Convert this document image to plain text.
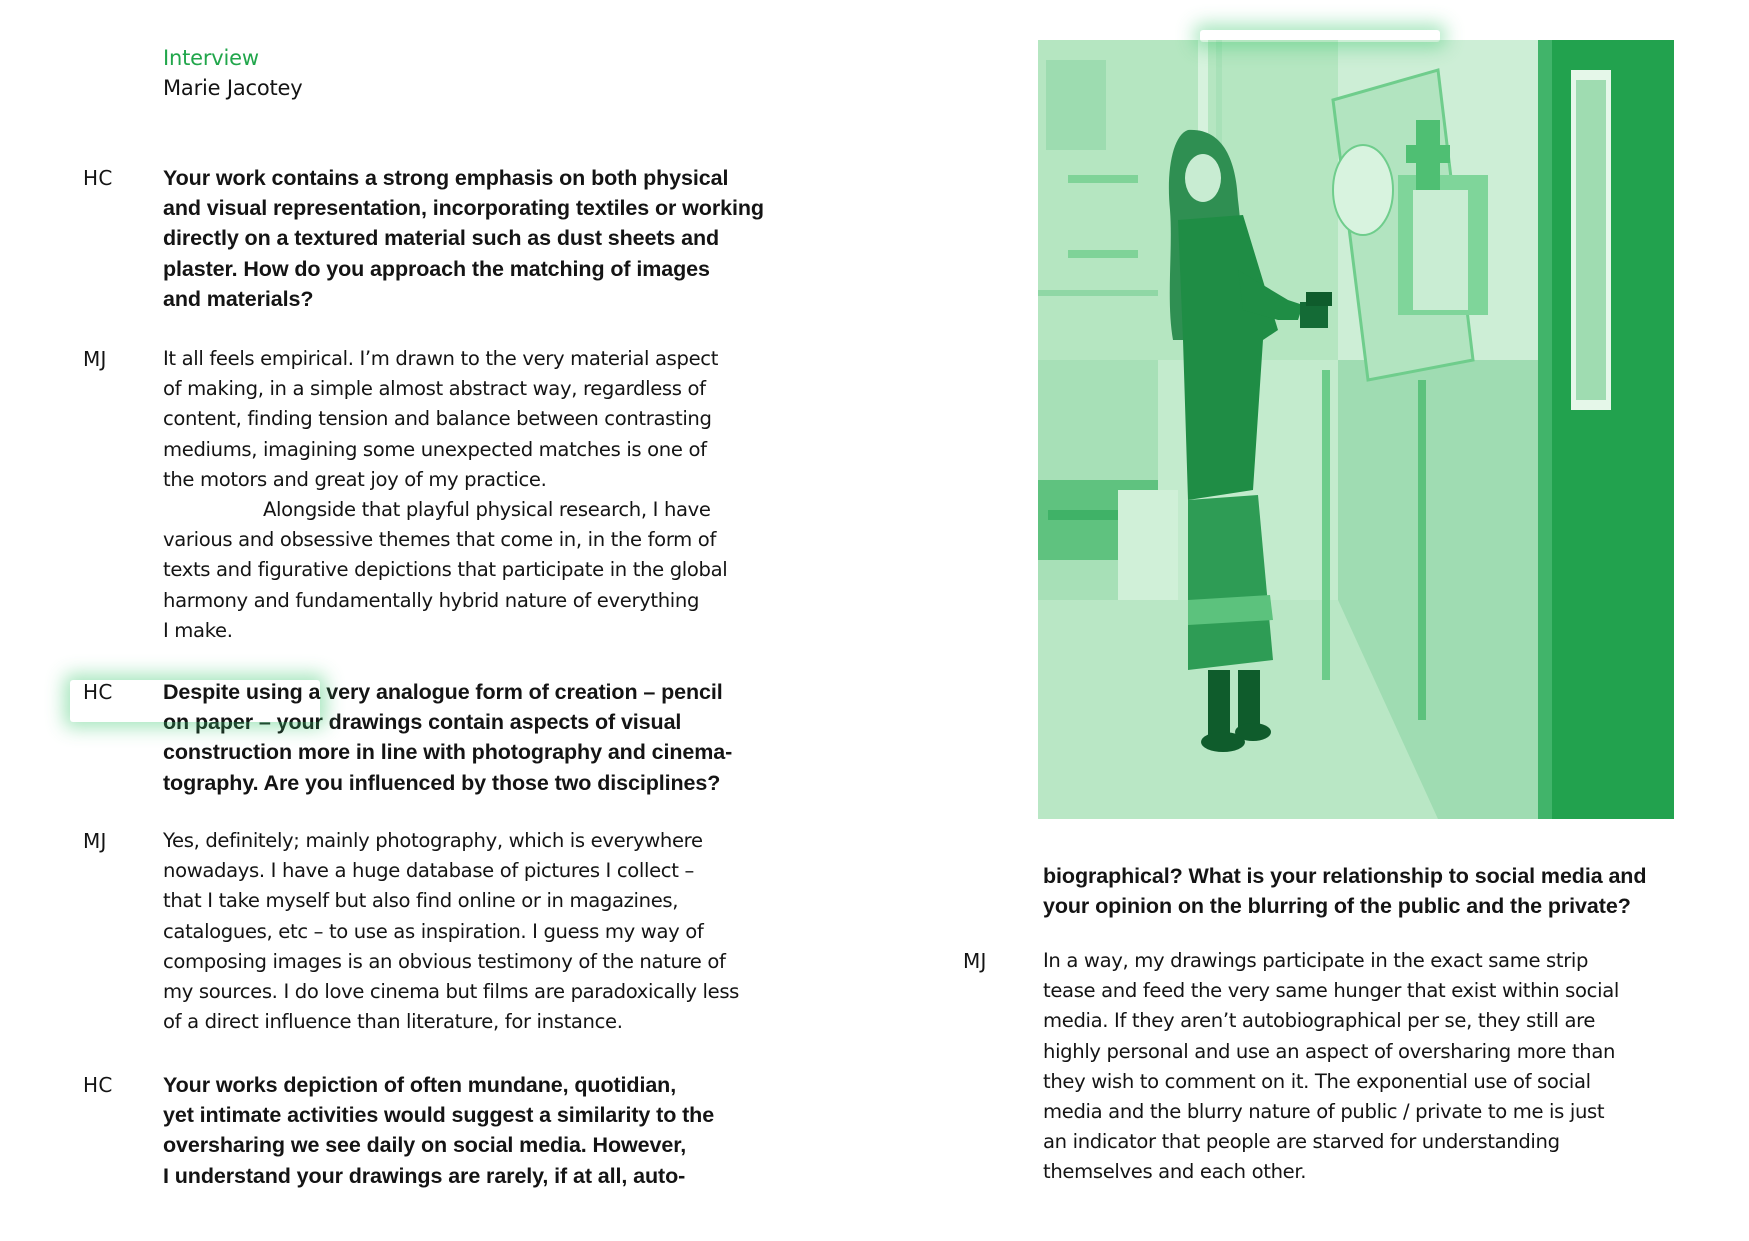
Interview
Marie Jacotey
HC Your work contains a strong emphasis on both physical
and visual representation, incorporating textiles or working
directly on a textured material such as dust sheets and
plaster. How do you approach the matching of images
and materials?
MJ	It all feels empirical. I’m drawn to the very material aspect
of making, in a simple almost abstract way, regardless of
content, finding tension and balance between contrasting
mediums, imagining some unexpected matches is one of
the motors and great joy of my practice.
Alongside that playful physical research, I have
various and obsessive themes that come in, in the form of
texts and figurative depictions that participate in the global
harmony and fundamentally hybrid nature of everything
I make.
HC Despite using a very analogue form of creation – pencil
on paper – your drawings contain aspects of visual
construction more in line with photography and cinema-
tography. Are you influenced by those two disciplines?
MJ	Yes, definitely; mainly photography, which is everywhere
nowadays. I have a huge database of pictures I collect –
that I take myself but also find online or in magazines,
catalogues, etc – to use as inspiration. I guess my way of
composing images is an obvious testimony of the nature of
my sources. I do love cinema but films are paradoxically less
of a direct influence than literature, for instance.
HC Your works depiction of often mundane, quotidian,
yet intimate activities would suggest a similarity to the
oversharing we see daily on social media. However,
I understand your drawings are rarely, if at all, auto-
biographical? What is your relationship to social media and
your opinion on the blurring of the public and the private?
MJ	In a way, my drawings participate in the exact same strip
tease and feed the very same hunger that exist within social
media. If they aren’t autobiographical per se, they still are
highly personal and use an aspect of oversharing more than
they wish to comment on it. The exponential use of social
media and the blurry nature of public / private to me is just
an indicator that people are starved for understanding
themselves and each other.
